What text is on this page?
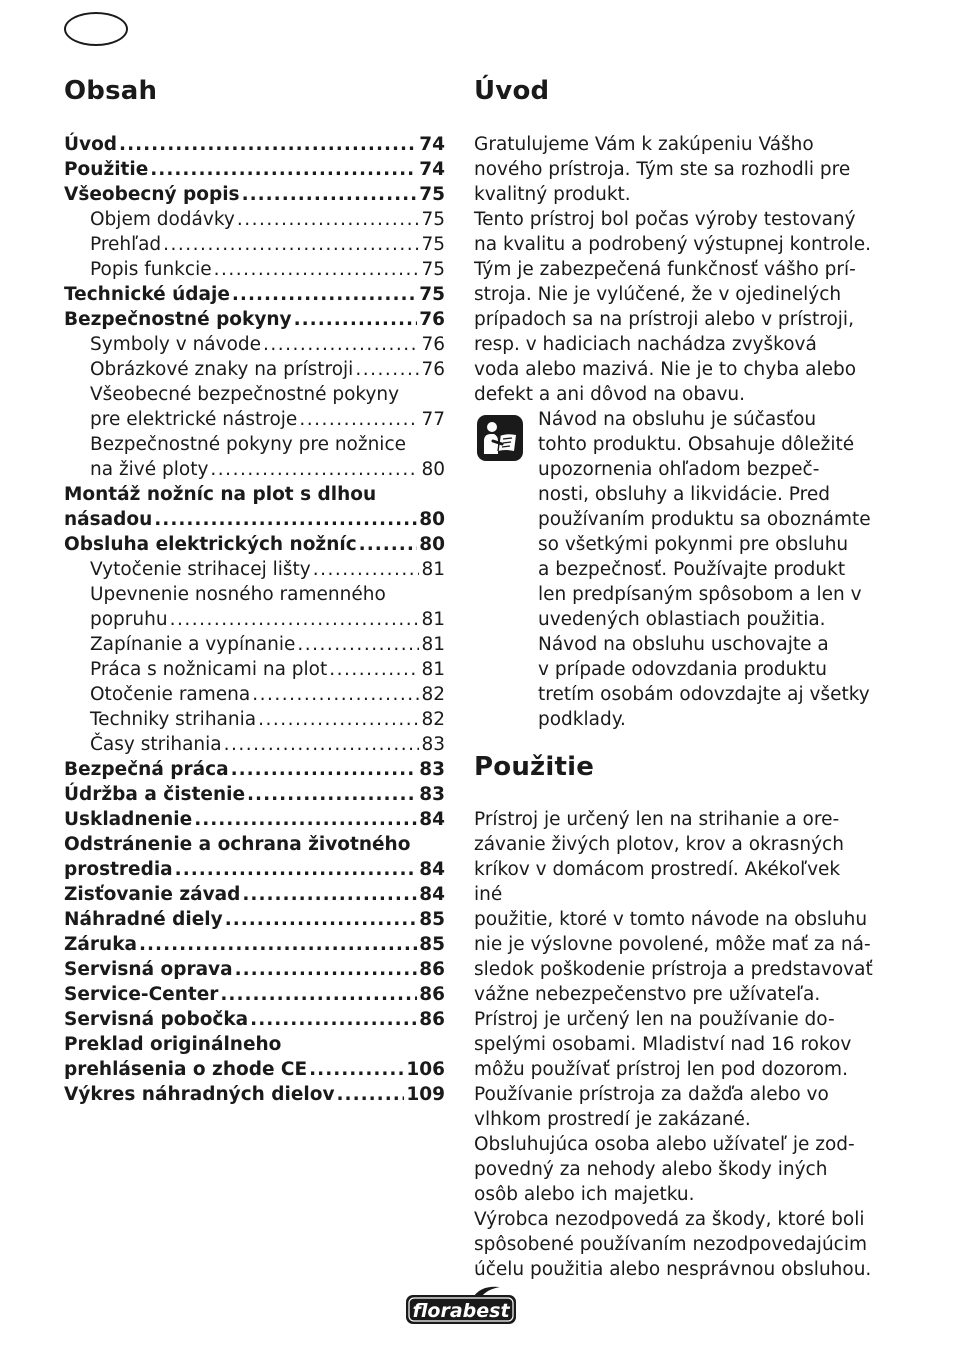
Obsah
Úvod .....	74
Použitie .....	74
Všeobecný popis .....	75
Objem dodávky .....	75
Prehľad .....	75
Popis funkcie .....	75
Technické údaje .....	75
Bezpečnostné pokyny .....	76
Symboly v návode .....	76
Obrázkové znaky na prístroji .....	76
Všeobecné bezpečnostné pokyny
pre elektrické nástroje .....	77
Bezpečnostné pokyny pre nožnice
na živé ploty .....	80
Montáž nožníc na plot s dlhou
násadou .....	80
Obsluha elektrických nožníc .....	80
Vytočenie strihacej lišty .....	81
Upevnenie nosného ramenného
popruhu .....	81
Zapínanie a vypínanie .....	81
Práca s nožnicami na plot .....	81
Otočenie ramena .....	82
Techniky strihania .....	82
Časy strihania .....	83
Bezpečná práca .....	83
Údržba a čistenie .....	83
Uskladnenie .....	84
Odstránenie a ochrana životného
prostredia .....	84
Zisťovanie závad .....	84
Náhradné diely .....	85
Záruka .....	85
Servisná oprava .....	86
Service-Center .....	86
Servisná pobočka .....	86
Preklad originálneho
prehlásenia o zhode CE .....	106
Výkres náhradných dielov .....	109
Úvod

Gratulujeme Vám k zakúpeniu Vášho
nového prístroja. Tým ste sa rozhodli pre
kvalitný produkt.
Tento prístroj bol počas výroby testovaný
na kvalitu a podrobený výstupnej kontrole.
Tým je zabezpečená funkčnosť vášho prí-
stroja. Nie je vylúčené, že v ojedinelých
prípadoch sa na prístroji alebo v prístroji,
resp. v hadiciach nachádza zvyšková
voda alebo mazivá. Nie je to chyba alebo
defekt a ani dôvod na obavu.

Návod na obsluhu je súčasťou
tohto produktu. Obsahuje dôležité
upozornenia ohľadom bezpeč-
nosti, obsluhy a likvidácie. Pred
používaním produktu sa oboznámte
so všetkými pokynmi pre obsluhu
a bezpečnosť. Používajte produkt
len predpísaným spôsobom a len v
uvedených oblastiach použitia.
Návod na obsluhu uschovajte a
v prípade odovzdania produktu
tretím osobám odovzdajte aj všetky
podklady.

Použitie

Prístroj je určený len na strihanie a ore-
závanie živých plotov, krov a okrasných
kríkov v domácom prostredí. Akékoľvek iné
použitie, ktoré v tomto návode na obsluhu
nie je výslovne povolené, môže mať za ná-
sledok poškodenie prístroja a predstavovať
vážne nebezpečenstvo pre užívateľa.
Prístroj je určený len na používanie do-
spelými osobami. Mladiství nad 16 rokov
môžu používať prístroj len pod dozorom.
Používanie prístroja za dažďa alebo vo
vlhkom prostredí je zakázané.
Obsluhujúca osoba alebo užívateľ je zod-
povedný za nehody alebo škody iných
osôb alebo ich majetku.
Výrobca nezodpovedá za škody, ktoré boli
spôsobené používaním nezodpovedajúcim
účelu použitia alebo nesprávnou obsluhou.

florabest
